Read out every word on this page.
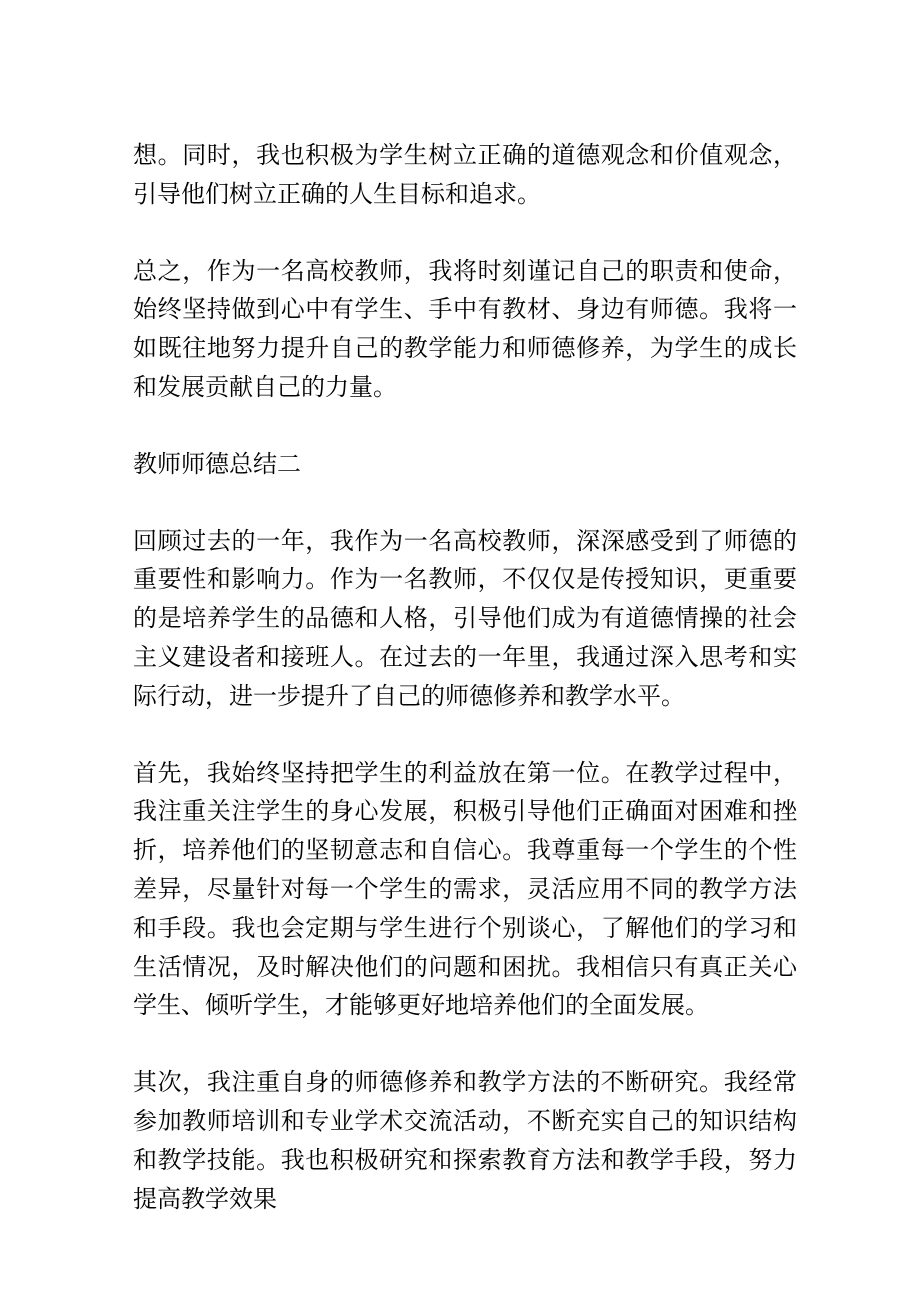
想。同时，我也积极为学生树立正确的道德观念和价值观念，引导他们树立正确的人生目标和追求。

总之，作为一名高校教师，我将时刻谨记自己的职责和使命，始终坚持做到心中有学生、手中有教材、身边有师德。我将一如既往地努力提升自己的教学能力和师德修养，为学生的成长和发展贡献自己的力量。

教师师德总结二

回顾过去的一年，我作为一名高校教师，深深感受到了师德的重要性和影响力。作为一名教师，不仅仅是传授知识，更重要的是培养学生的品德和人格，引导他们成为有道德情操的社会主义建设者和接班人。在过去的一年里，我通过深入思考和实际行动，进一步提升了自己的师德修养和教学水平。

首先，我始终坚持把学生的利益放在第一位。在教学过程中，我注重关注学生的身心发展，积极引导他们正确面对困难和挫折，培养他们的坚韧意志和自信心。我尊重每一个学生的个性差异，尽量针对每一个学生的需求，灵活应用不同的教学方法和手段。我也会定期与学生进行个别谈心，了解他们的学习和生活情况，及时解决他们的问题和困扰。我相信只有真正关心学生、倾听学生，才能够更好地培养他们的全面发展。

其次，我注重自身的师德修养和教学方法的不断研究。我经常参加教师培训和专业学术交流活动，不断充实自己的知识结构和教学技能。我也积极研究和探索教育方法和教学手段，努力提高教学效果
